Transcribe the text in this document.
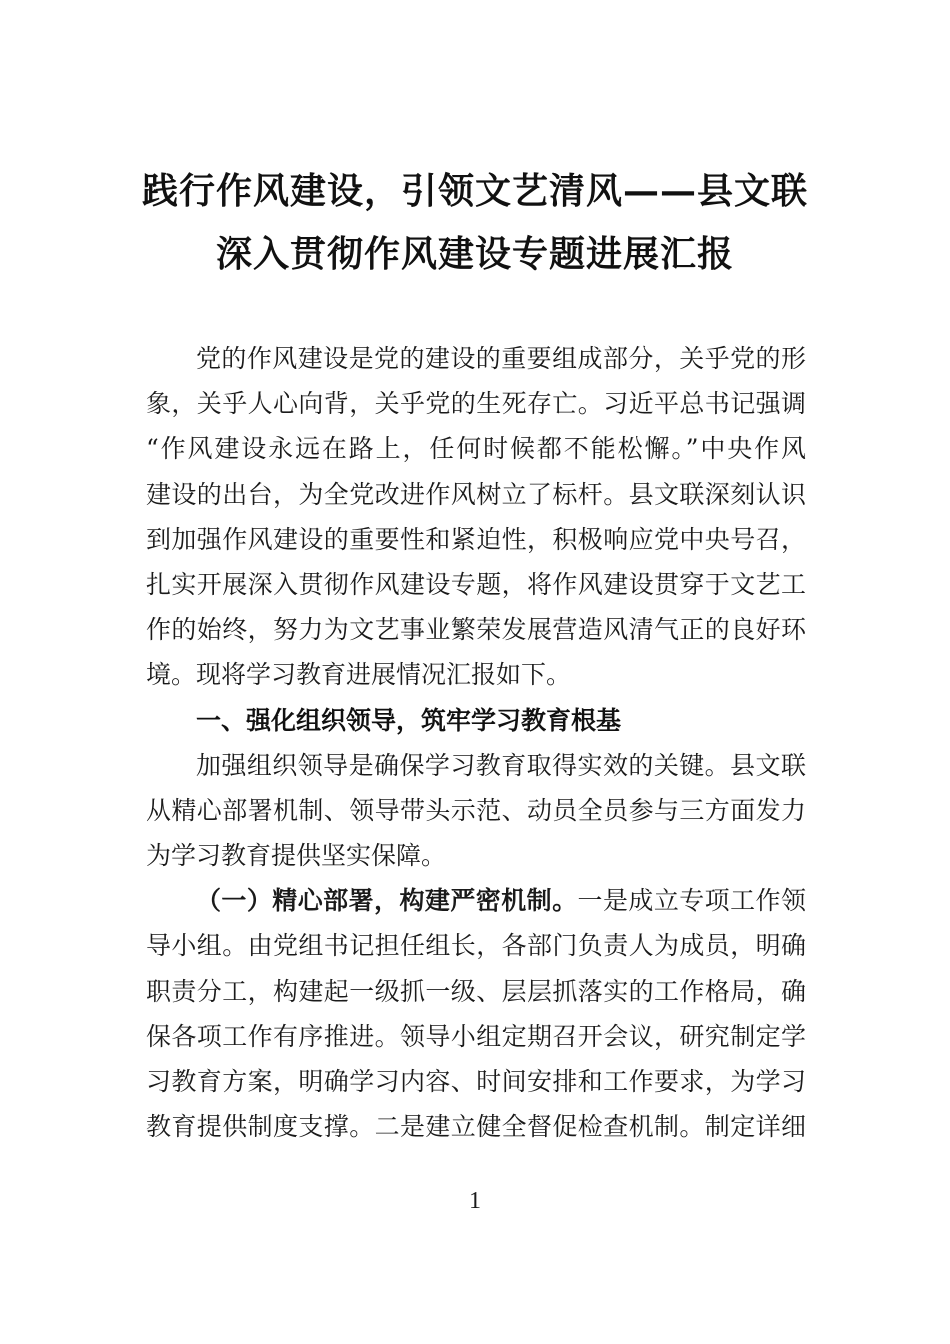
践行作风建设，引领文艺清风——县文联
深入贯彻作风建设专题进展汇报
党的作风建设是党的建设的重要组成部分，关乎党的形
象，关乎人心向背，关乎党的生死存亡。习近平总书记强调
“作风建设永远在路上，任何时候都不能松懈。”中央作风
建设的出台，为全党改进作风树立了标杆。县文联深刻认识
到加强作风建设的重要性和紧迫性，积极响应党中央号召，
扎实开展深入贯彻作风建设专题，将作风建设贯穿于文艺工
作的始终，努力为文艺事业繁荣发展营造风清气正的良好环
境。现将学习教育进展情况汇报如下。
一、强化组织领导，筑牢学习教育根基
加强组织领导是确保学习教育取得实效的关键。县文联
从精心部署机制、领导带头示范、动员全员参与三方面发力
为学习教育提供坚实保障。
（一）精心部署，构建严密机制。一是成立专项工作领
导小组。由党组书记担任组长，各部门负责人为成员，明确
职责分工，构建起一级抓一级、层层抓落实的工作格局，确
保各项工作有序推进。领导小组定期召开会议，研究制定学
习教育方案，明确学习内容、时间安排和工作要求，为学习
教育提供制度支撑。二是建立健全督促检查机制。制定详细
1
